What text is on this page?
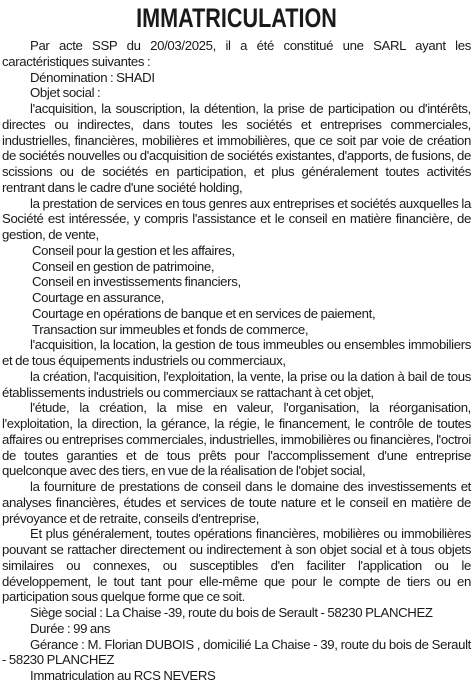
IMMATRICULATION

Par acte SSP du 20/03/2025, il a été constitué une SARL ayant les caractéristiques suivantes :

Dénomination : SHADI

Objet social :

l'acquisition, la souscription, la détention, la prise de participation ou d'intérêts, directes ou indirectes, dans toutes les sociétés et entreprises commerciales, industrielles, financières, mobilières et immobilières, que ce soit par voie de création de sociétés nouvelles ou d'acquisition de sociétés existantes, d'apports, de fusions, de scissions ou de sociétés en participation, et plus généralement toutes activités rentrant dans le cadre d'une société holding,

la prestation de services en tous genres aux entreprises et sociétés auxquelles la Société est intéressée, y compris l'assistance et le conseil en matière financière, de gestion, de vente,

Conseil pour la gestion et les affaires,

Conseil en gestion de patrimoine,

Conseil en investissements financiers,

Courtage en assurance,

Courtage en opérations de banque et en services de paiement,

Transaction sur immeubles et fonds de commerce,

l'acquisition, la location, la gestion de tous immeubles ou ensembles immobiliers et de tous équipements industriels ou commerciaux,

la création, l'acquisition, l'exploitation, la vente, la prise ou la dation à bail de tous établissements industriels ou commerciaux se rattachant à cet objet,

l'étude, la création, la mise en valeur, l'organisation, la réorganisation, l'exploitation, la direction, la gérance, la régie, le financement, le contrôle de toutes affaires ou entreprises commerciales, industrielles, immobilières ou financières, l'octroi de toutes garanties et de tous prêts pour l'accomplissement d'une entreprise quelconque avec des tiers, en vue de la réalisation de l'objet social,

la fourniture de prestations de conseil dans le domaine des investissements et analyses financières, études et services de toute nature et le conseil en matière de prévoyance et de retraite, conseils d'entreprise,

Et plus généralement, toutes opérations financières, mobilières ou immobilières pouvant se rattacher directement ou indirectement à son objet social et à tous objets similaires ou connexes, ou susceptibles d'en faciliter l'application ou le développement, le tout tant pour elle-même que pour le compte de tiers ou en participation sous quelque forme que ce soit.

Siège social : La Chaise -39, route du bois de Serault - 58230 PLANCHEZ

Durée : 99 ans

Gérance : M. Florian DUBOIS , domicilié La Chaise - 39, route du bois de Serault - 58230 PLANCHEZ

Immatriculation au RCS NEVERS
